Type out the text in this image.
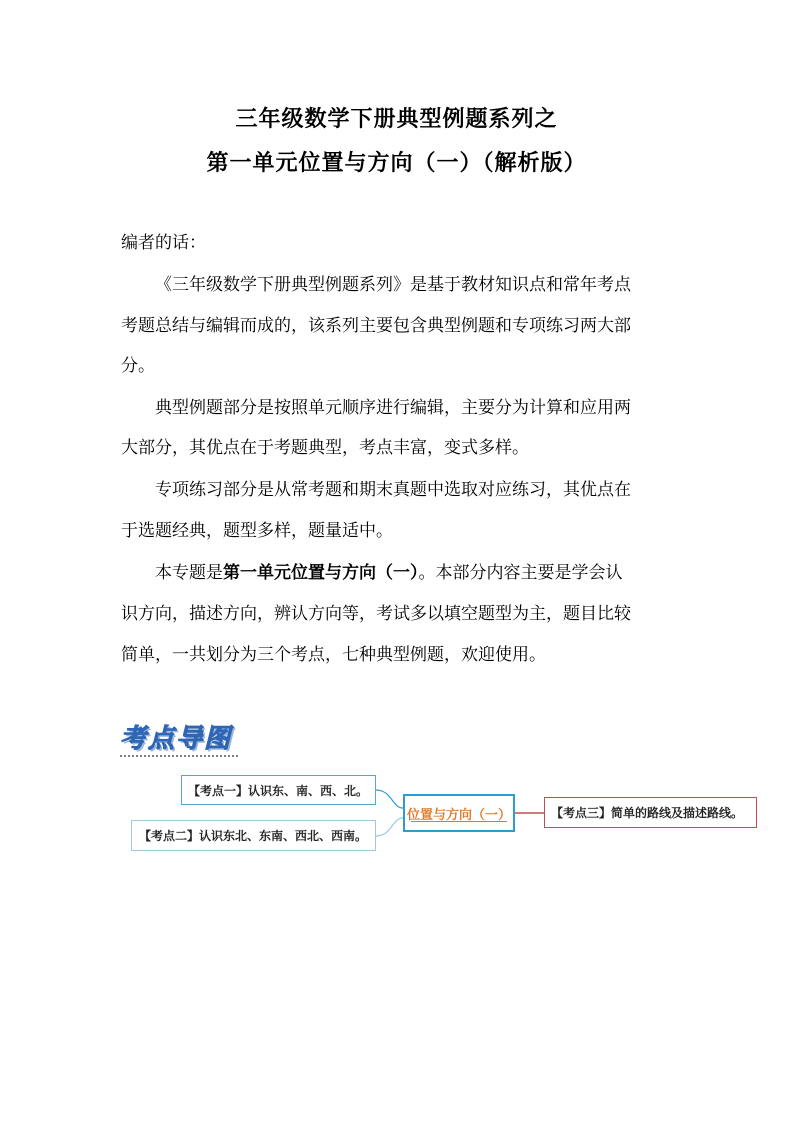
三年级数学下册典型例题系列之
第一单元位置与方向（一）（解析版）
编者的话：
《三年级数学下册典型例题系列》是基于教材知识点和常年考点
考题总结与编辑而成的，该系列主要包含典型例题和专项练习两大部
分。
典型例题部分是按照单元顺序进行编辑，主要分为计算和应用两
大部分，其优点在于考题典型，考点丰富，变式多样。
专项练习部分是从常考题和期末真题中选取对应练习，其优点在
于选题经典，题型多样，题量适中。
本专题是第一单元位置与方向（一）。本部分内容主要是学会认
识方向，描述方向，辨认方向等，考试多以填空题型为主，题目比较
简单，一共划分为三个考点，七种典型例题，欢迎使用。
考点导图
【考点一】认识东、南、西、北。
【考点二】认识东北、东南、西北、西南。
位置与方向（一）	【考点三】简单的路线及描述路线。
